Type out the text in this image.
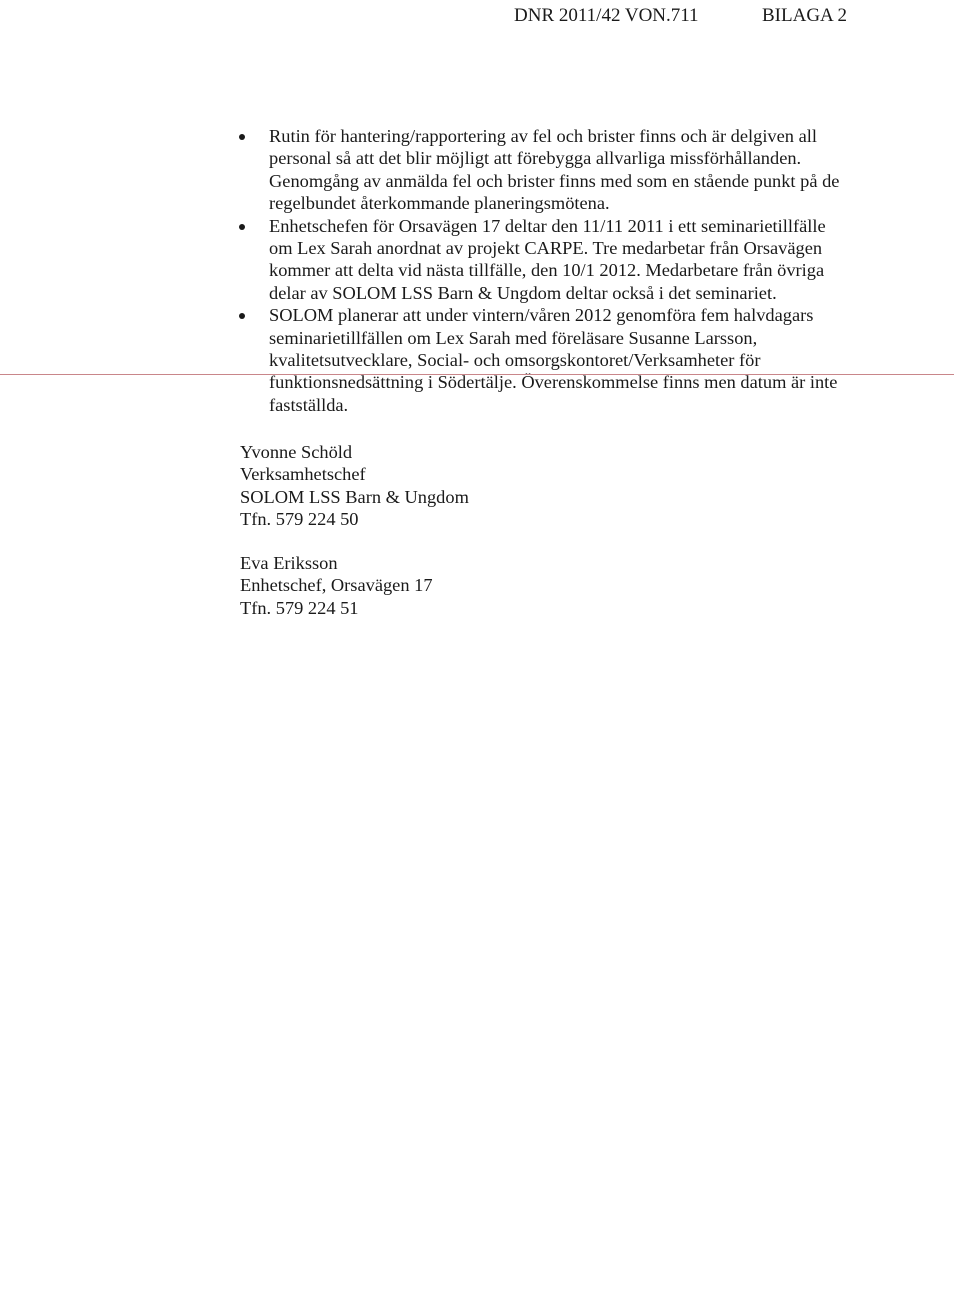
DNR 2011/42 VON.711	BILAGA 2
Rutin för hantering/rapportering av fel och brister finns och är delgiven all personal så att det blir möjligt att förebygga allvarliga missförhållanden. Genomgång av anmälda fel och brister finns med som en stående punkt på de regelbundet återkommande planeringsmötena.
Enhetschefen för Orsavägen 17 deltar den 11/11 2011 i ett seminarietillfälle om Lex Sarah anordnat av projekt CARPE. Tre medarbetar från Orsavägen kommer att delta vid nästa tillfälle, den 10/1 2012. Medarbetare från övriga delar av SOLOM LSS Barn & Ungdom deltar också i det seminariet.
SOLOM planerar att under vintern/våren 2012 genomföra fem halvdagars seminarietillfällen om Lex Sarah med föreläsare Susanne Larsson, kvalitetsutvecklare, Social- och omsorgskontoret/Verksamheter för funktionsnedsättning i Södertälje. Överenskommelse finns men datum är inte fastställda.
Yvonne Schöld
Verksamhetschef
SOLOM LSS Barn & Ungdom
Tfn. 579 224 50
Eva Eriksson
Enhetschef, Orsavägen 17
Tfn. 579 224 51
